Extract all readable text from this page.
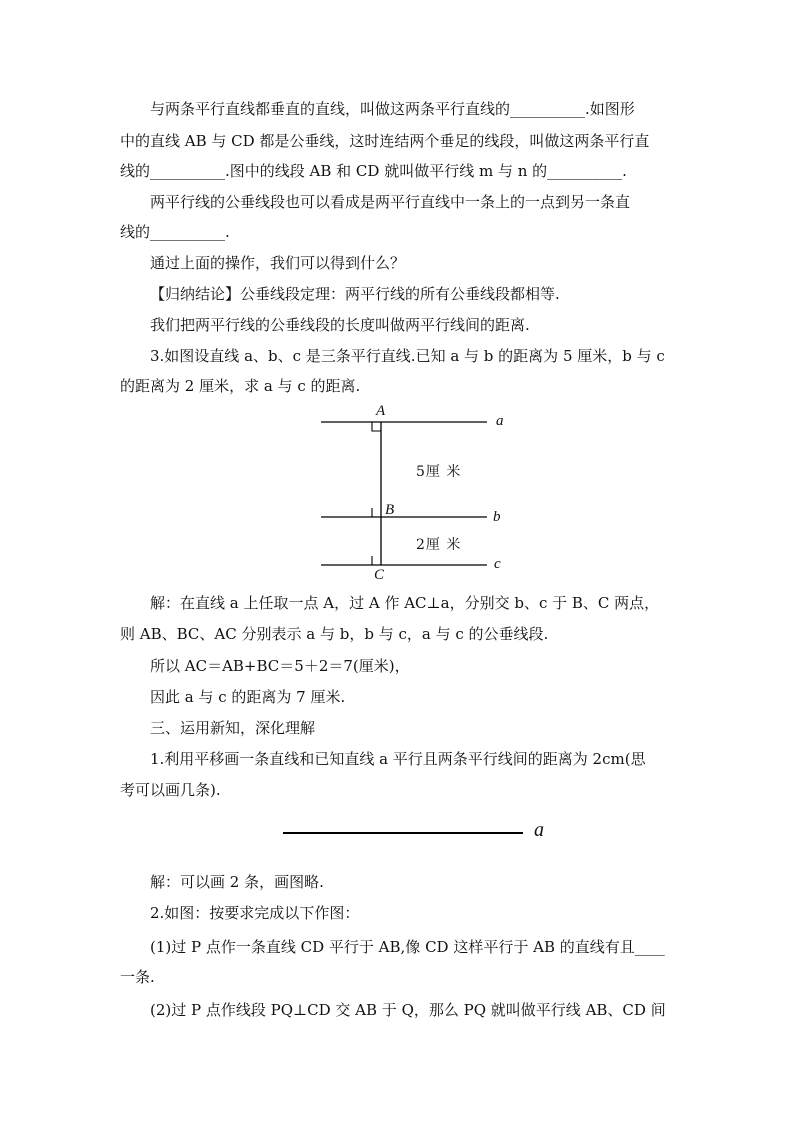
与两条平行直线都垂直的直线，叫做这两条平行直线的__________.如图形
中的直线 AB 与 CD 都是公垂线，这时连结两个垂足的线段，叫做这两条平行直
线的__________.图中的线段 AB 和 CD 就叫做平行线 m 与 n 的__________.
两平行线的公垂线段也可以看成是两平行直线中一条上的一点到另一条直
线的__________.
通过上面的操作，我们可以得到什么？
【归纳结论】公垂线段定理：两平行线的所有公垂线段都相等.
我们把两平行线的公垂线段的长度叫做两平行线间的距离.
3.如图设直线 a、b、c 是三条平行直线.已知 a 与 b 的距离为 5 厘米，b 与 c
的距离为 2 厘米，求 a 与 c 的距离.
A
a
5厘 米
B	b
2厘 米
c
C
解：在直线 a 上任取一点 A，过 A 作 AC⊥a，分别交 b、c 于 B、C 两点，
则 AB、BC、AC 分别表示 a 与 b，b 与 c，a 与 c 的公垂线段.
所以 AC＝AB+BC＝5＋2＝7(厘米)，
因此 a 与 c 的距离为 7 厘米.
三、运用新知，深化理解
1.利用平移画一条直线和已知直线 a 平行且两条平行线间的距离为 2cm(思
考可以画几条).
a
解：可以画 2 条，画图略.
2.如图：按要求完成以下作图：
(1)过 P 点作一条直线 CD 平行于 AB,像 CD 这样平行于 AB 的直线有且____
一条.
(2)过 P 点作线段 PQ⊥CD 交 AB 于 Q，那么 PQ 就叫做平行线 AB、CD 间
